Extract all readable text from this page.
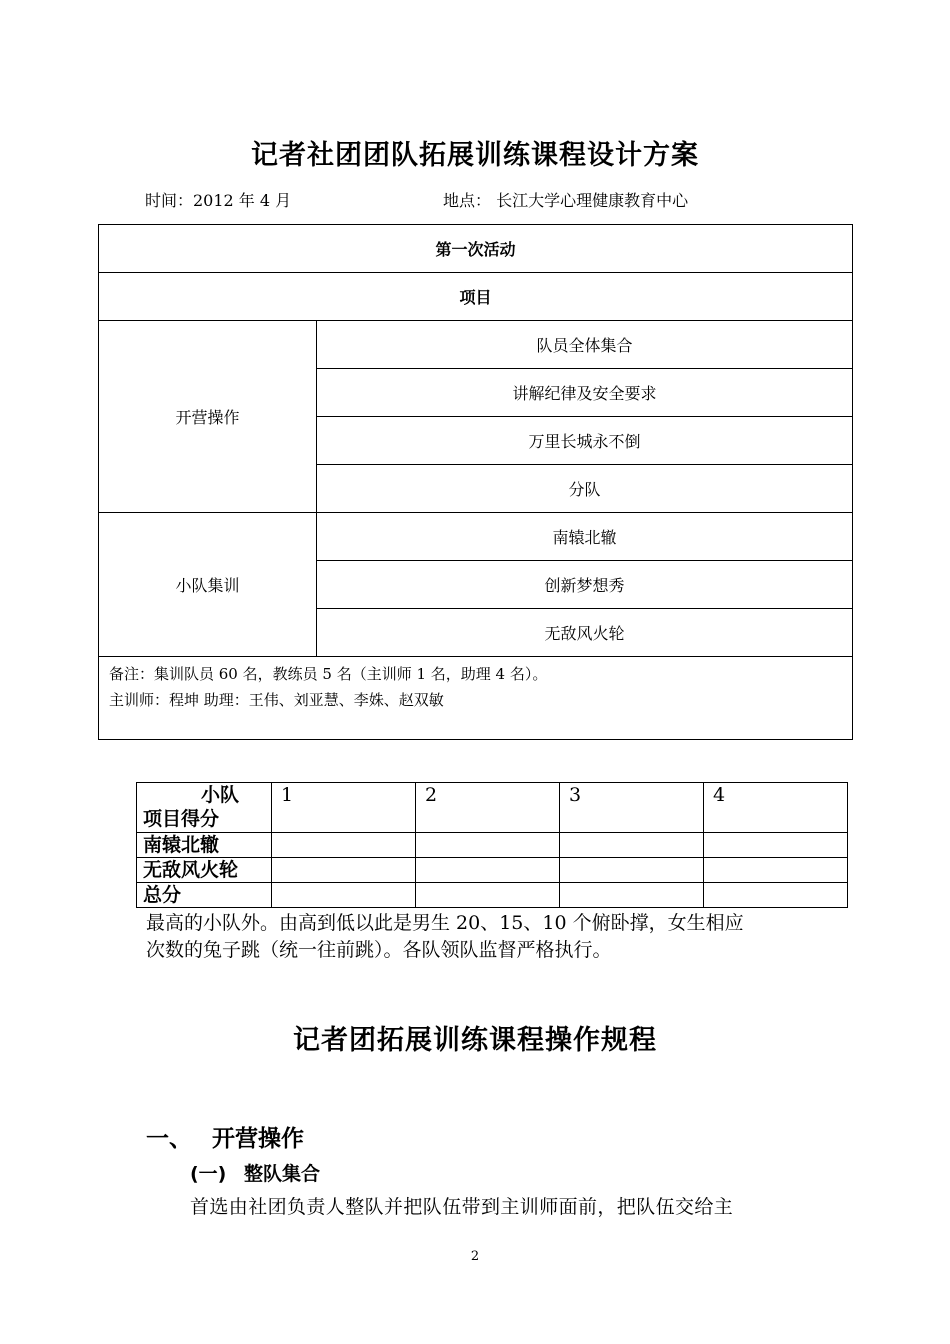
记者社团团队拓展训练课程设计方案
时间：2012 年 4 月	地点： 长江大学心理健康教育中心
第一次活动	
项目	
开营操作	队员全体集合
	讲解纪律及安全要求
	万里长城永不倒
	分队
小队集训	南辕北辙
	创新梦想秀
	无敌风火轮

备注：集训队员 60 名，教练员 5 名（主训师 1 名，助理 4 名）。
主训师：程坤 助理：王伟、刘亚慧、李姝、赵双敏	
小队
项目得分	1	2	3	4
南辕北辙				
无敌风火轮				
总分				
最高的小队外。由高到低以此是男生 20、15、10 个俯卧撑，女生相应
次数的兔子跳（统一往前跳）。各队领队监督严格执行。
记者团拓展训练课程操作规程
一、 开营操作
(一) 整队集合
首选由社团负责人整队并把队伍带到主训师面前，把队伍交给主
2
